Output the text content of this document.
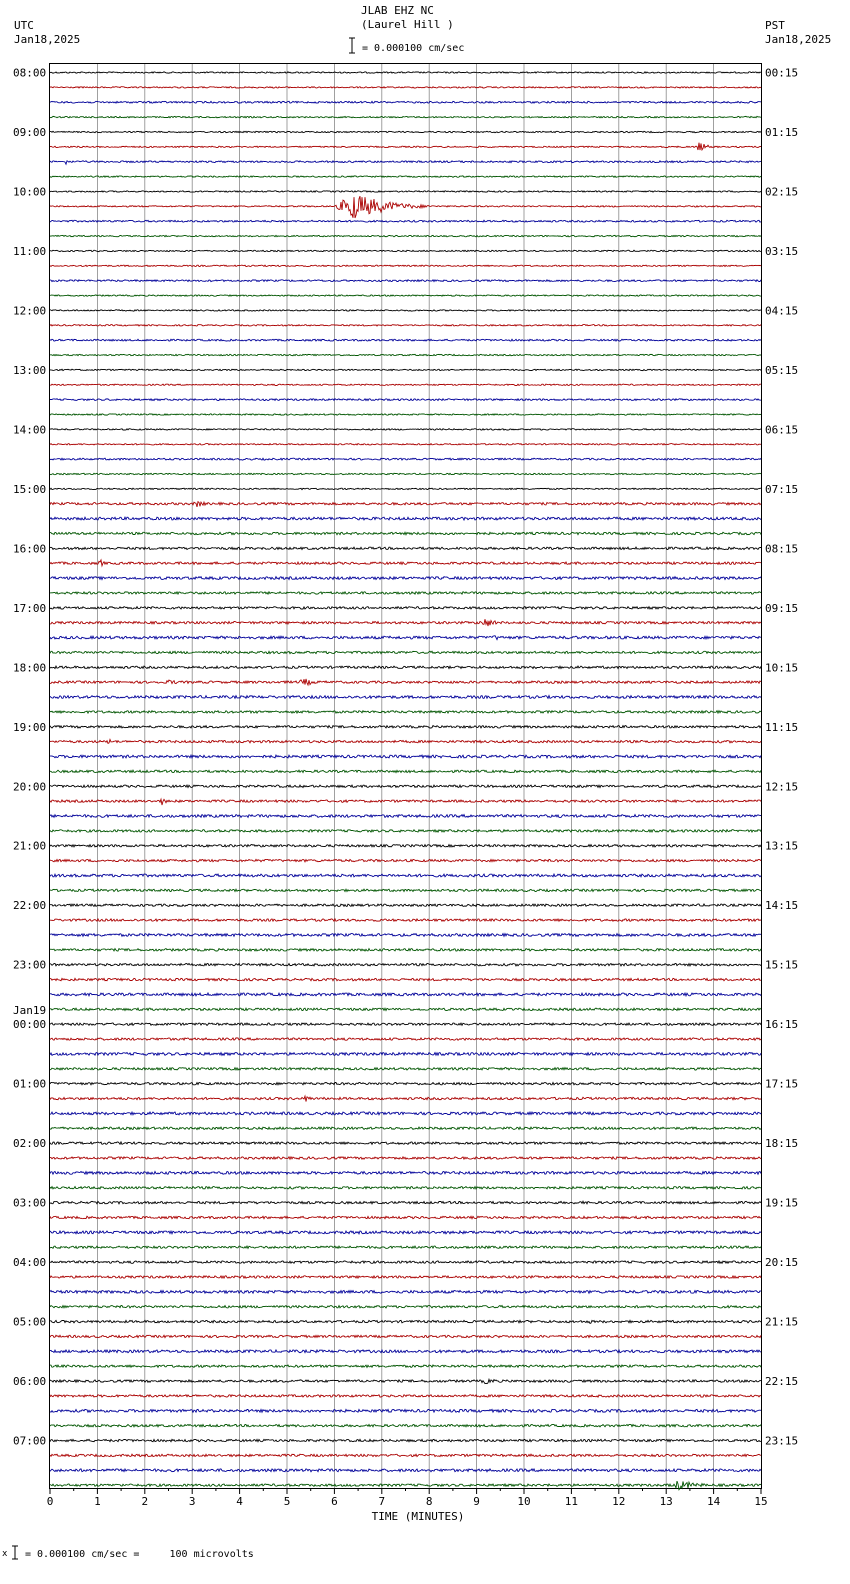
JLAB EHZ NC
(Laurel Hill )
UTC
Jan18,2025
PST
Jan18,2025
= 0.000100 cm/sec
x = 0.000100 cm/sec =     100 microvolts
08:00
09:00
10:00
11:00
12:00
13:00
14:00
15:00
16:00
17:00
18:00
19:00
20:00
21:00
22:00
23:00
Jan19
00:00
01:00
02:00
03:00
04:00
05:00
06:00
07:00
00:15
01:15
02:15
03:15
04:15
05:15
06:15
07:15
08:15
09:15
10:15
11:15
12:15
13:15
14:15
15:15
16:15
17:15
18:15
19:15
20:15
21:15
22:15
23:15
0	1	2	3	4	5	6	7	8	9	10	11	12	13	14	15
TIME (MINUTES)
